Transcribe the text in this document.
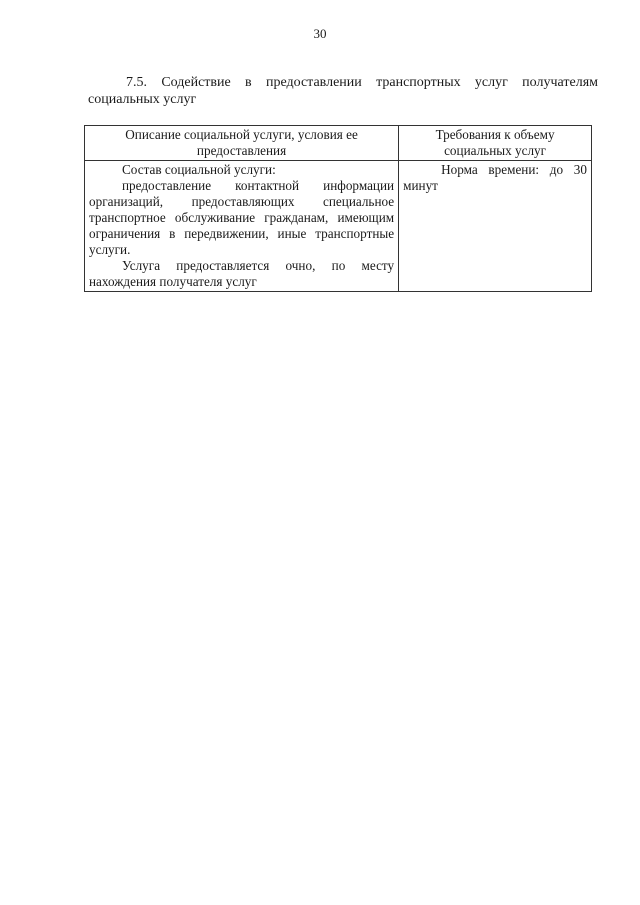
30

7.5. Содействие в предоставлении транспортных услуг получателям социальных услуг

Описание социальной услуги, условия ее предоставления	Требования к объему социальных услуг

Состав социальной услуги:

предоставление контактной информации организаций, предоставляющих специальное транспортное обслуживание гражданам, имеющим ограничения в передвижении, иные транспортные услуги.

Услуга предоставляется очно, по месту нахождения получателя услуг	Норма времени: до 30 минут
